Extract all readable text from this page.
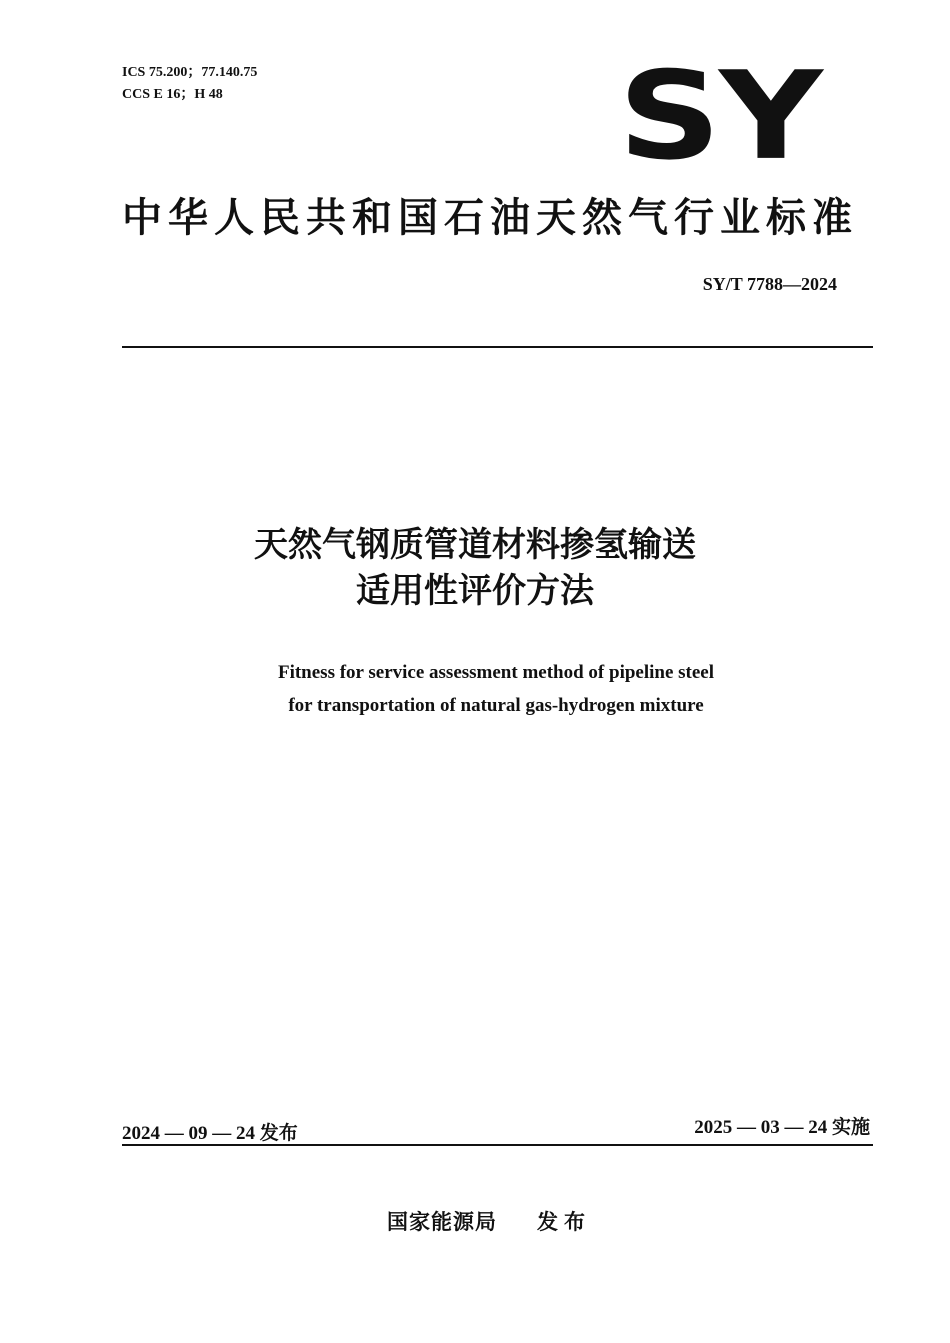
ICS 75.200；77.140.75
CCS E 16；H 48	SY
中华人民共和国石油天然气行业标准
SY/T 7788—2024
天然气钢质管道材料掺氢输送
适用性评价方法
Fitness for service assessment method of pipeline steel
for transportation of natural gas-hydrogen mixture
2024 — 09 — 24 发布	2025 — 03 — 24 实施
国家能源局 发布
